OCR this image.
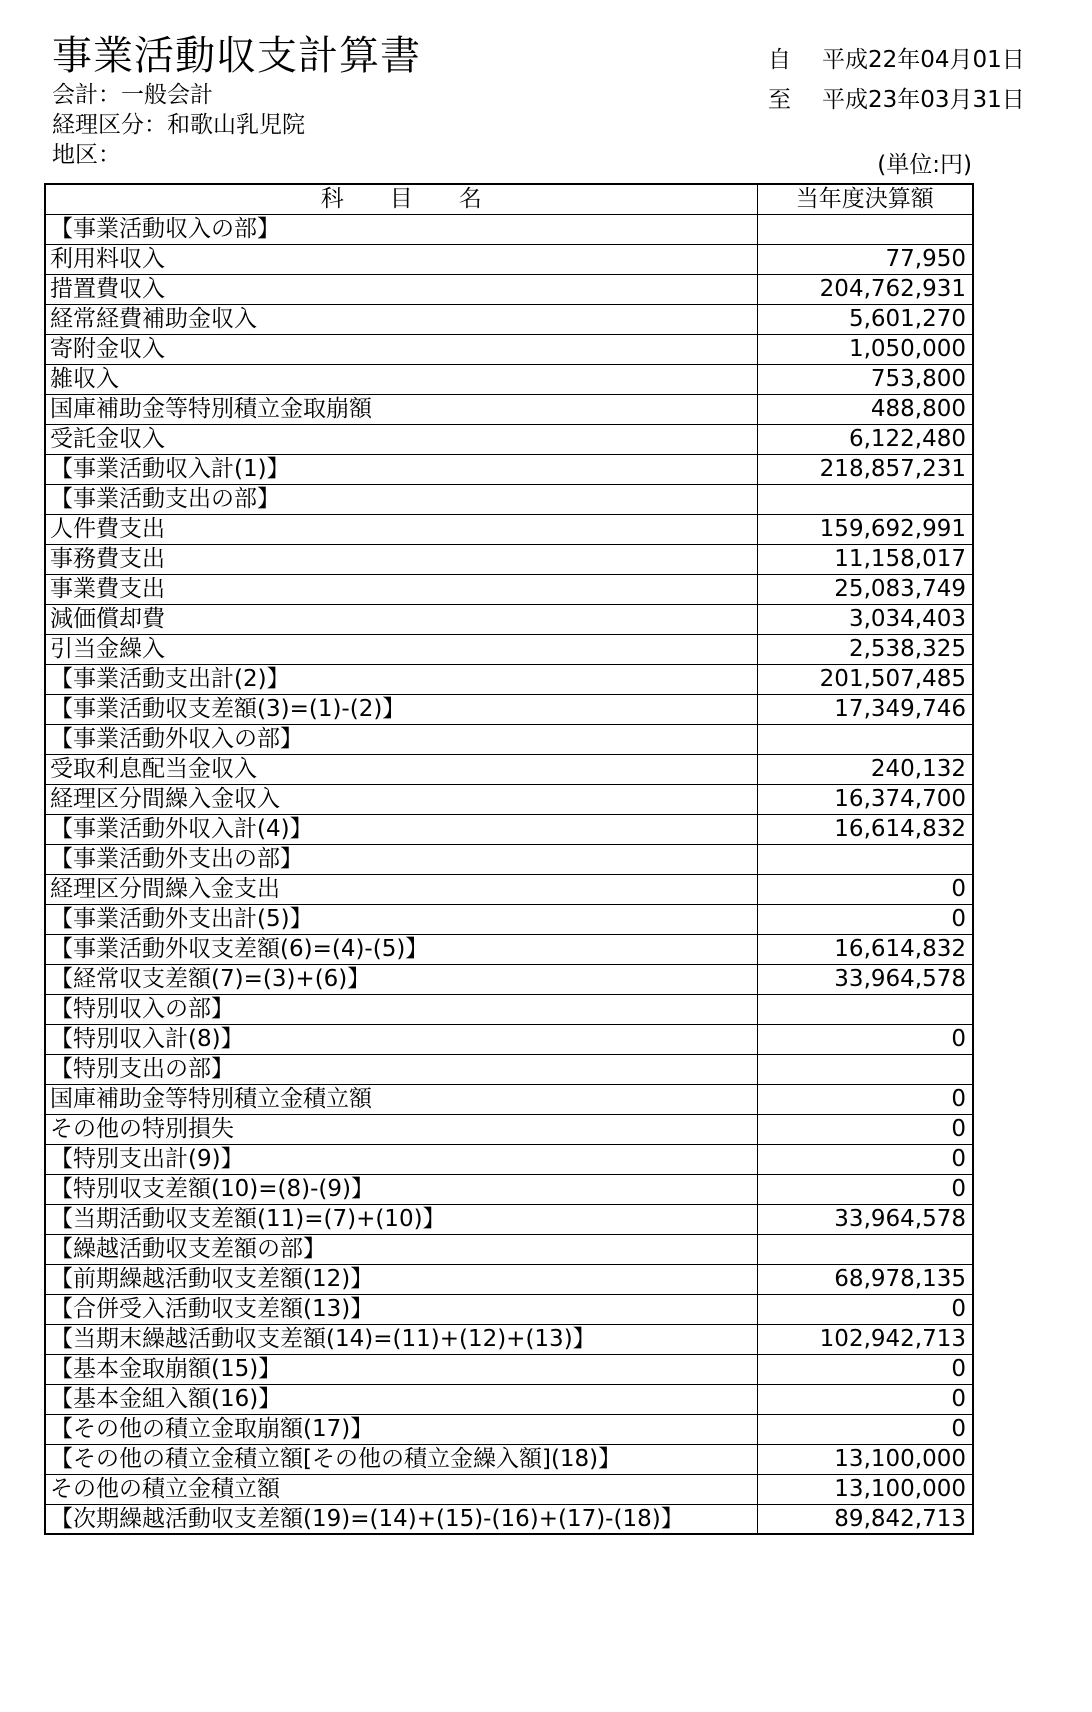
事業活動収支計算書
会計：一般会計
経理区分：和歌山乳児院
地区：
自 平成22年04月01日
至 平成23年03月31日
(単位:円)
科　　目　　名	当年度決算額
【事業活動収入の部】	
利用料収入	77,950
措置費収入	204,762,931
経常経費補助金収入	5,601,270
寄附金収入	1,050,000
雑収入	753,800
国庫補助金等特別積立金取崩額	488,800
受託金収入	6,122,480
【事業活動収入計(1)】	218,857,231
【事業活動支出の部】	
人件費支出	159,692,991
事務費支出	11,158,017
事業費支出	25,083,749
減価償却費	3,034,403
引当金繰入	2,538,325
【事業活動支出計(2)】	201,507,485
【事業活動収支差額(3)=(1)-(2)】	17,349,746
【事業活動外収入の部】	
受取利息配当金収入	240,132
経理区分間繰入金収入	16,374,700
【事業活動外収入計(4)】	16,614,832
【事業活動外支出の部】	
経理区分間繰入金支出	0
【事業活動外支出計(5)】	0
【事業活動外収支差額(6)=(4)-(5)】	16,614,832
【経常収支差額(7)=(3)+(6)】	33,964,578
【特別収入の部】	
【特別収入計(8)】	0
【特別支出の部】	
国庫補助金等特別積立金積立額	0
その他の特別損失	0
【特別支出計(9)】	0
【特別収支差額(10)=(8)-(9)】	0
【当期活動収支差額(11)=(7)+(10)】	33,964,578
【繰越活動収支差額の部】	
【前期繰越活動収支差額(12)】	68,978,135
【合併受入活動収支差額(13)】	0
【当期末繰越活動収支差額(14)=(11)+(12)+(13)】	102,942,713
【基本金取崩額(15)】	0
【基本金組入額(16)】	0
【その他の積立金取崩額(17)】	0
【その他の積立金積立額[その他の積立金繰入額](18)】	13,100,000
その他の積立金積立額	13,100,000
【次期繰越活動収支差額(19)=(14)+(15)-(16)+(17)-(18)】	89,842,713
